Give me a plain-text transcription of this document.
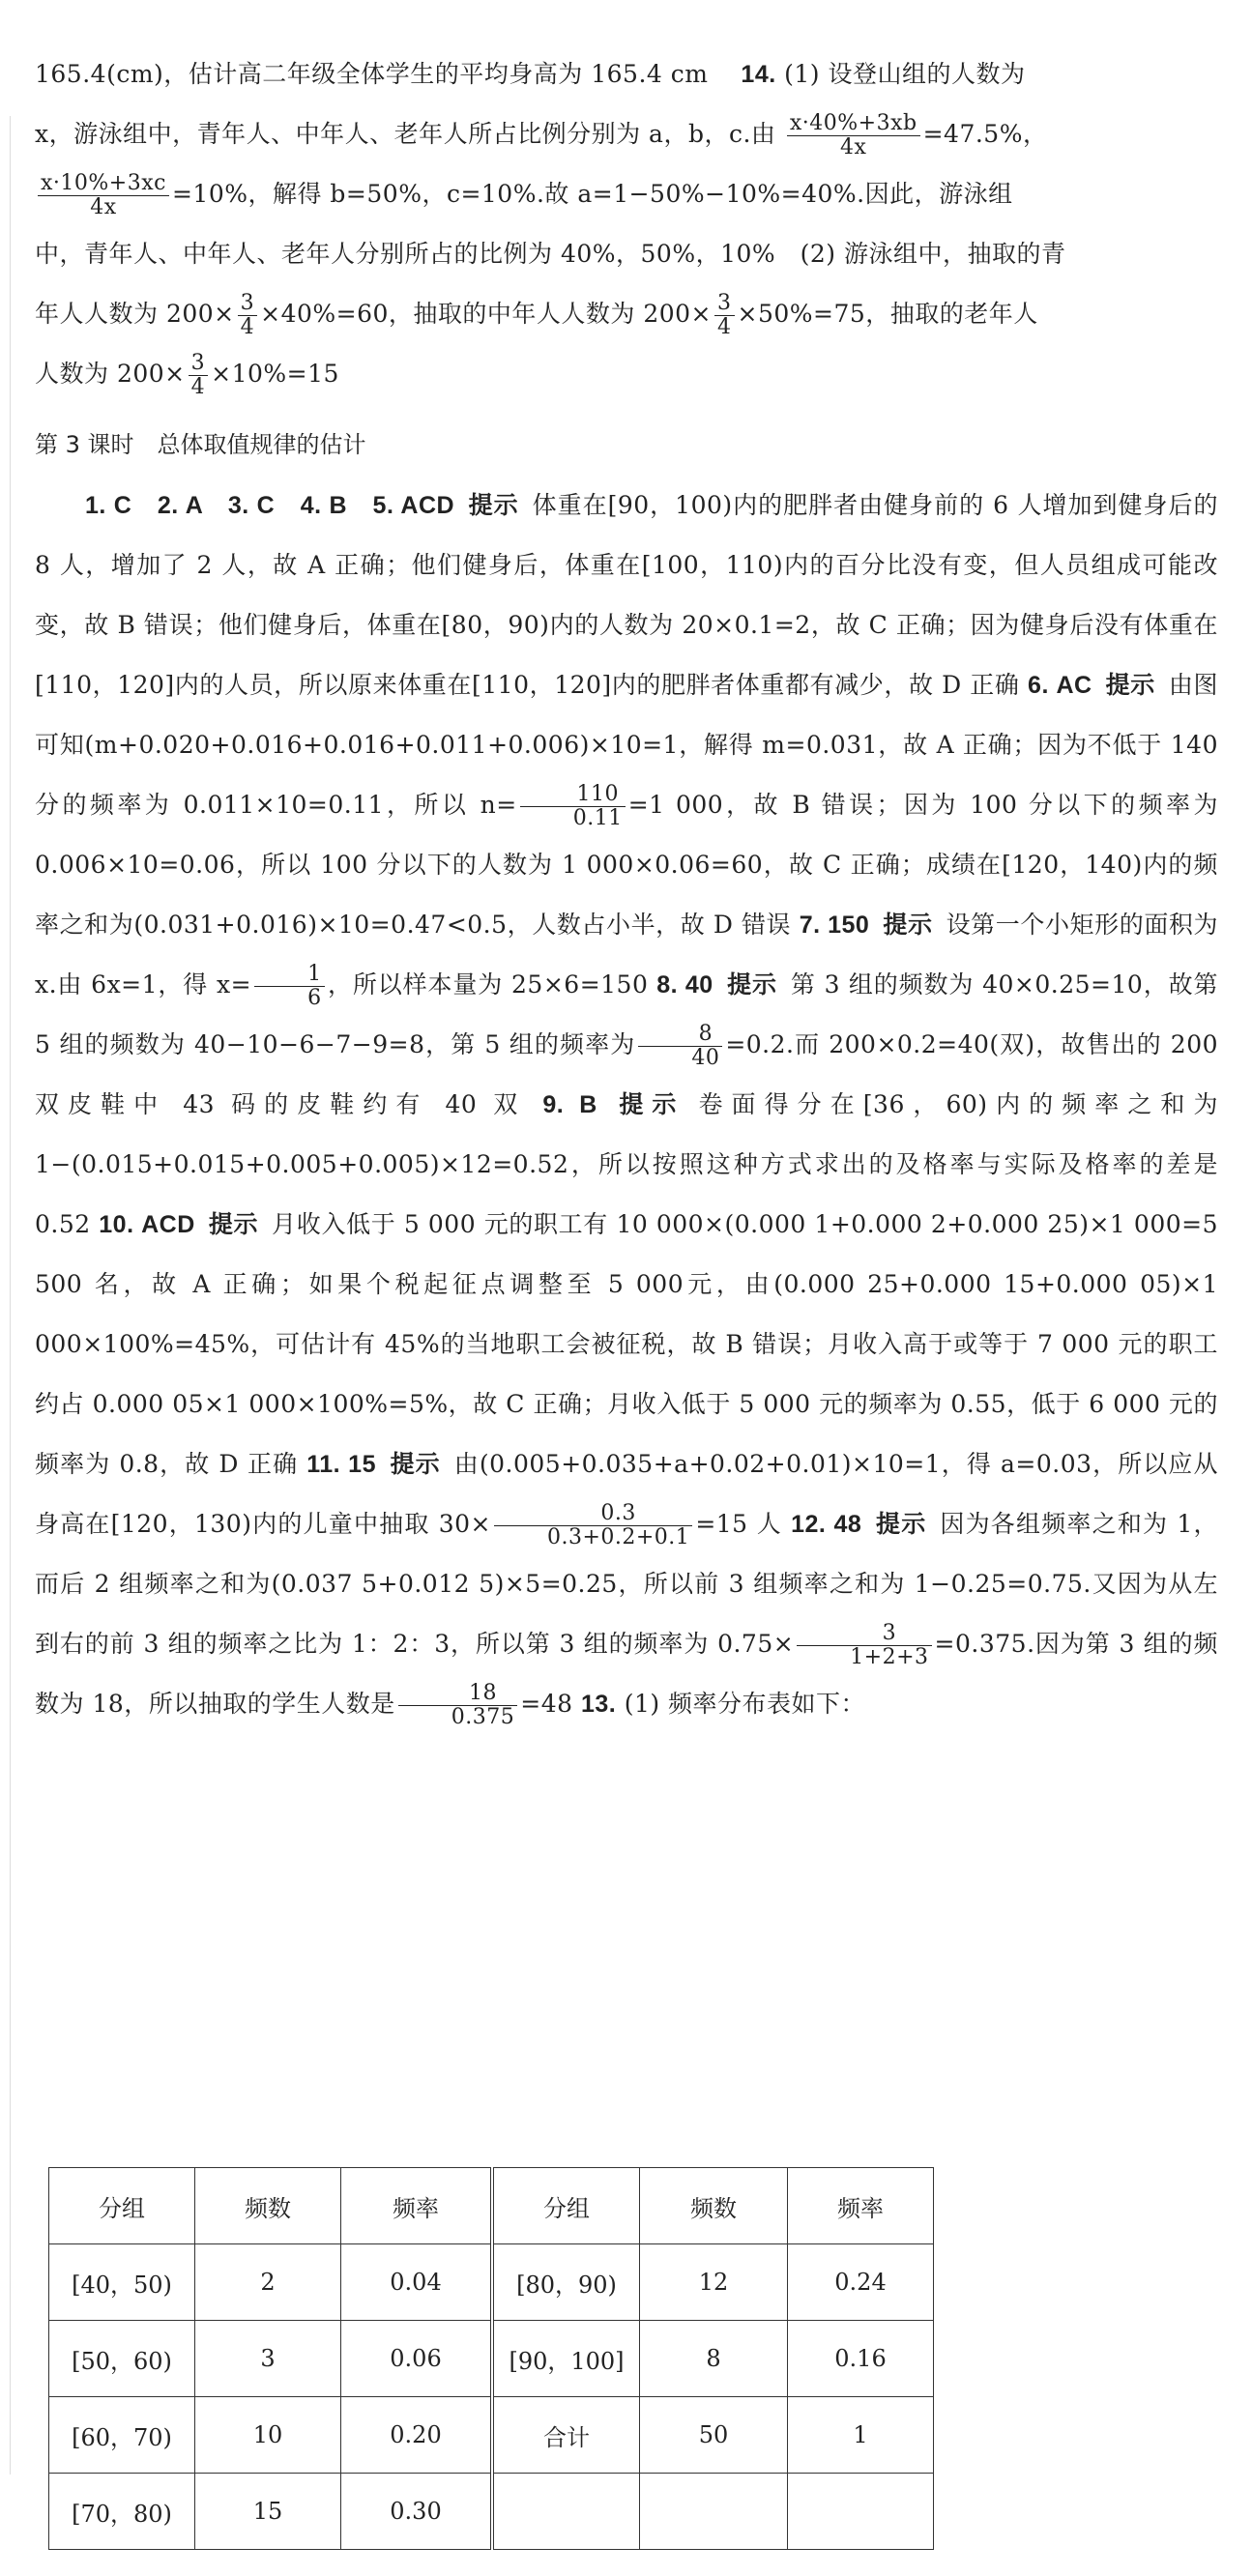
165.4(cm)，估计高二年级全体学生的平均身高为 165.4 cm　 14. (1) 设登山组的人数为
x，游泳组中，青年人、中年人、老年人所占比例分别为 a，b，c.由 $\frac{x\cdot 40\%+3xb}{4x} =47.5\%$，

$\frac{x\cdot 10\%+3xc}{4x} =10\%$，解得 b=50%，c=10%.故 a=1−50%−10%=40%.因此，游泳组
中，青年人、中年人、老年人分别所占的比例为 40%，50%，10%　(2) 游泳组中，抽取的青
年人人数为 $200\times \frac{3}{4} \times 40\%=60$，抽取的中年人人数为 $200\times \frac{3}{4} \times 50\%=75$，抽取的老年人
人数为 $200\times \frac{3}{4} \times 10\%=15$
第 3 课时　总体取值规律的估计
1. C　2. A　3. C　4. B　5. ACD 提示 体重在[90，100)内的肥胖者由健身前的 6 人增加到健身后的 8 人，增加了 2 人，故 A 正确；他们健身后，体重在[100，110)内的百分比没有变，但人员组成可能改变，故 B 错误；他们健身后，体重在[80，90)内的人数为 20×0.1=2，故 C 正确；因为健身后没有体重在[110，120]内的人员，所以原来体重在[110，120]内的肥胖者体重都有减少，故 D 正确 6. AC 提示 由图可知(m+0.020+0.016+0.016+0.011+0.006)×10=1，解得 m=0.031，故 A 正确；因为不低于 140 分的频率为 0.011×10=0.11，所以 $n= \frac{110}{0.11} =1$ 000，故 B 错误；因为 100 分以下的频率为 0.006×10=0.06，所以 100 分以下的人数为 1 000×0.06=60，故 C 正确；成绩在[120，140)内的频率之和为(0.031+0.016)×10=0.47<0.5，人数占小半，故 D 错误 7. 150 提示 设第一个小矩形的面积为 x.由 6x=1，得 $x= \frac{1}{6}$ ，所以样本量为 25×6=150 8. 40 提示 第 3 组的频数为 40×0.25=10，故第 5 组的频数为 40−10−6−7−9=8，第 5 组的频率为 $\frac{8}{40} =0.2$.而 200×0.2=40(双)，故售出的 200 双皮鞋中 43 码的皮鞋约有 40 双 9. B 提示 卷面得分在[36，60)内的频率之和为 1−(0.015+0.015+0.005+0.005)×12=0.52，所以按照这种方式求出的及格率与实际及格率的差是 0.52 10. ACD 提示 月收入低于 5 000 元的职工有 10 000×(0.000 1+0.000 2+0.000 25)×1 000=5 500 名，故 A 正确；如果个税起征点调整至 5 000元，由(0.000 25+0.000 15+0.000 05)×1 000×100%=45%，可估计有 45%的当地职工会被征税，故 B 错误；月收入高于或等于 7 000 元的职工约占 0.000 05×1 000×100%=5%，故 C 正确；月收入低于 5 000 元的频率为 0.55，低于 6 000 元的频率为 0.8，故 D 正确 11. 15 提示 由(0.005+0.035+a+0.02+0.01)×10=1，得 a=0.03，所以应从身高在[120，130)内的儿童中抽取 $30\times \frac{0.3}{0.3+0.2+0.1} =15$ 人 12. 48 提示 因为各组频率之和为 1，而后 2 组频率之和为(0.037 5+0.012 5)×5=0.25，所以前 3 组频率之和为 1−0.25=0.75.又因为从左到右的前 3 组的频率之比为 1：2：3，所以第 3 组的频率为 $0.75\times \frac{3}{1+2+3} =0.375$.因为第 3 组的频数为 18，所以抽取的学生人数是 $\frac{18}{0.375} =48$ 13. (1) 频率分布表如下：
分组	频数	频率	分组	频数	频率
[40，50)	2	0.04	[80，90)	12	0.24
[50，60)	3	0.06	[90，100]	8	0.16
[60，70)	10	0.20	合计	50	1
[70，80)	15	0.30			
